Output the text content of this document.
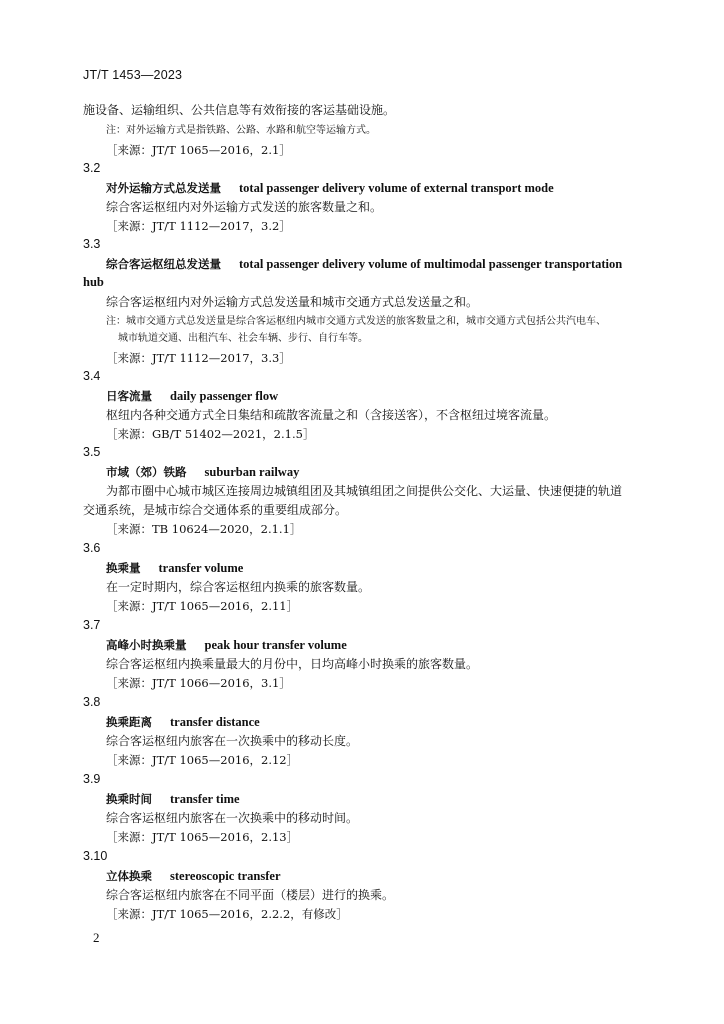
JT/T 1453—2023
施设备、运输组织、公共信息等有效衔接的客运基础设施。
注：对外运输方式是指铁路、公路、水路和航空等运输方式。
［来源：JT/T 1065—2016，2.1］
3.2
对外运输方式总发送量 total passenger delivery volume of external transport mode
综合客运枢纽内对外运输方式发送的旅客数量之和。
［来源：JT/T 1112—2017，3.2］
3.3
综合客运枢纽总发送量 total passenger delivery volume of multimodal passenger transportation
hub
综合客运枢纽内对外运输方式总发送量和城市交通方式总发送量之和。
注：城市交通方式总发送量是综合客运枢纽内城市交通方式发送的旅客数量之和，城市交通方式包括公共汽电车、
城市轨道交通、出租汽车、社会车辆、步行、自行车等。
［来源：JT/T 1112—2017，3.3］
3.4
日客流量 daily passenger flow
枢纽内各种交通方式全日集结和疏散客流量之和（含接送客），不含枢纽过境客流量。
［来源：GB/T 51402—2021，2.1.5］
3.5
市域（郊）铁路 suburban railway
为都市圈中心城市城区连接周边城镇组团及其城镇组团之间提供公交化、大运量、快速便捷的轨道
交通系统，是城市综合交通体系的重要组成部分。
［来源：TB 10624—2020，2.1.1］
3.6
换乘量 transfer volume
在一定时期内，综合客运枢纽内换乘的旅客数量。
［来源：JT/T 1065—2016，2.11］
3.7
高峰小时换乘量 peak hour transfer volume
综合客运枢纽内换乘量最大的月份中，日均高峰小时换乘的旅客数量。
［来源：JT/T 1066—2016，3.1］
3.8
换乘距离 transfer distance
综合客运枢纽内旅客在一次换乘中的移动长度。
［来源：JT/T 1065—2016，2.12］
3.9
换乘时间 transfer time
综合客运枢纽内旅客在一次换乘中的移动时间。
［来源：JT/T 1065—2016，2.13］
3.10
立体换乘 stereoscopic transfer
综合客运枢纽内旅客在不同平面（楼层）进行的换乘。
［来源：JT/T 1065—2016，2.2.2，有修改］
2
